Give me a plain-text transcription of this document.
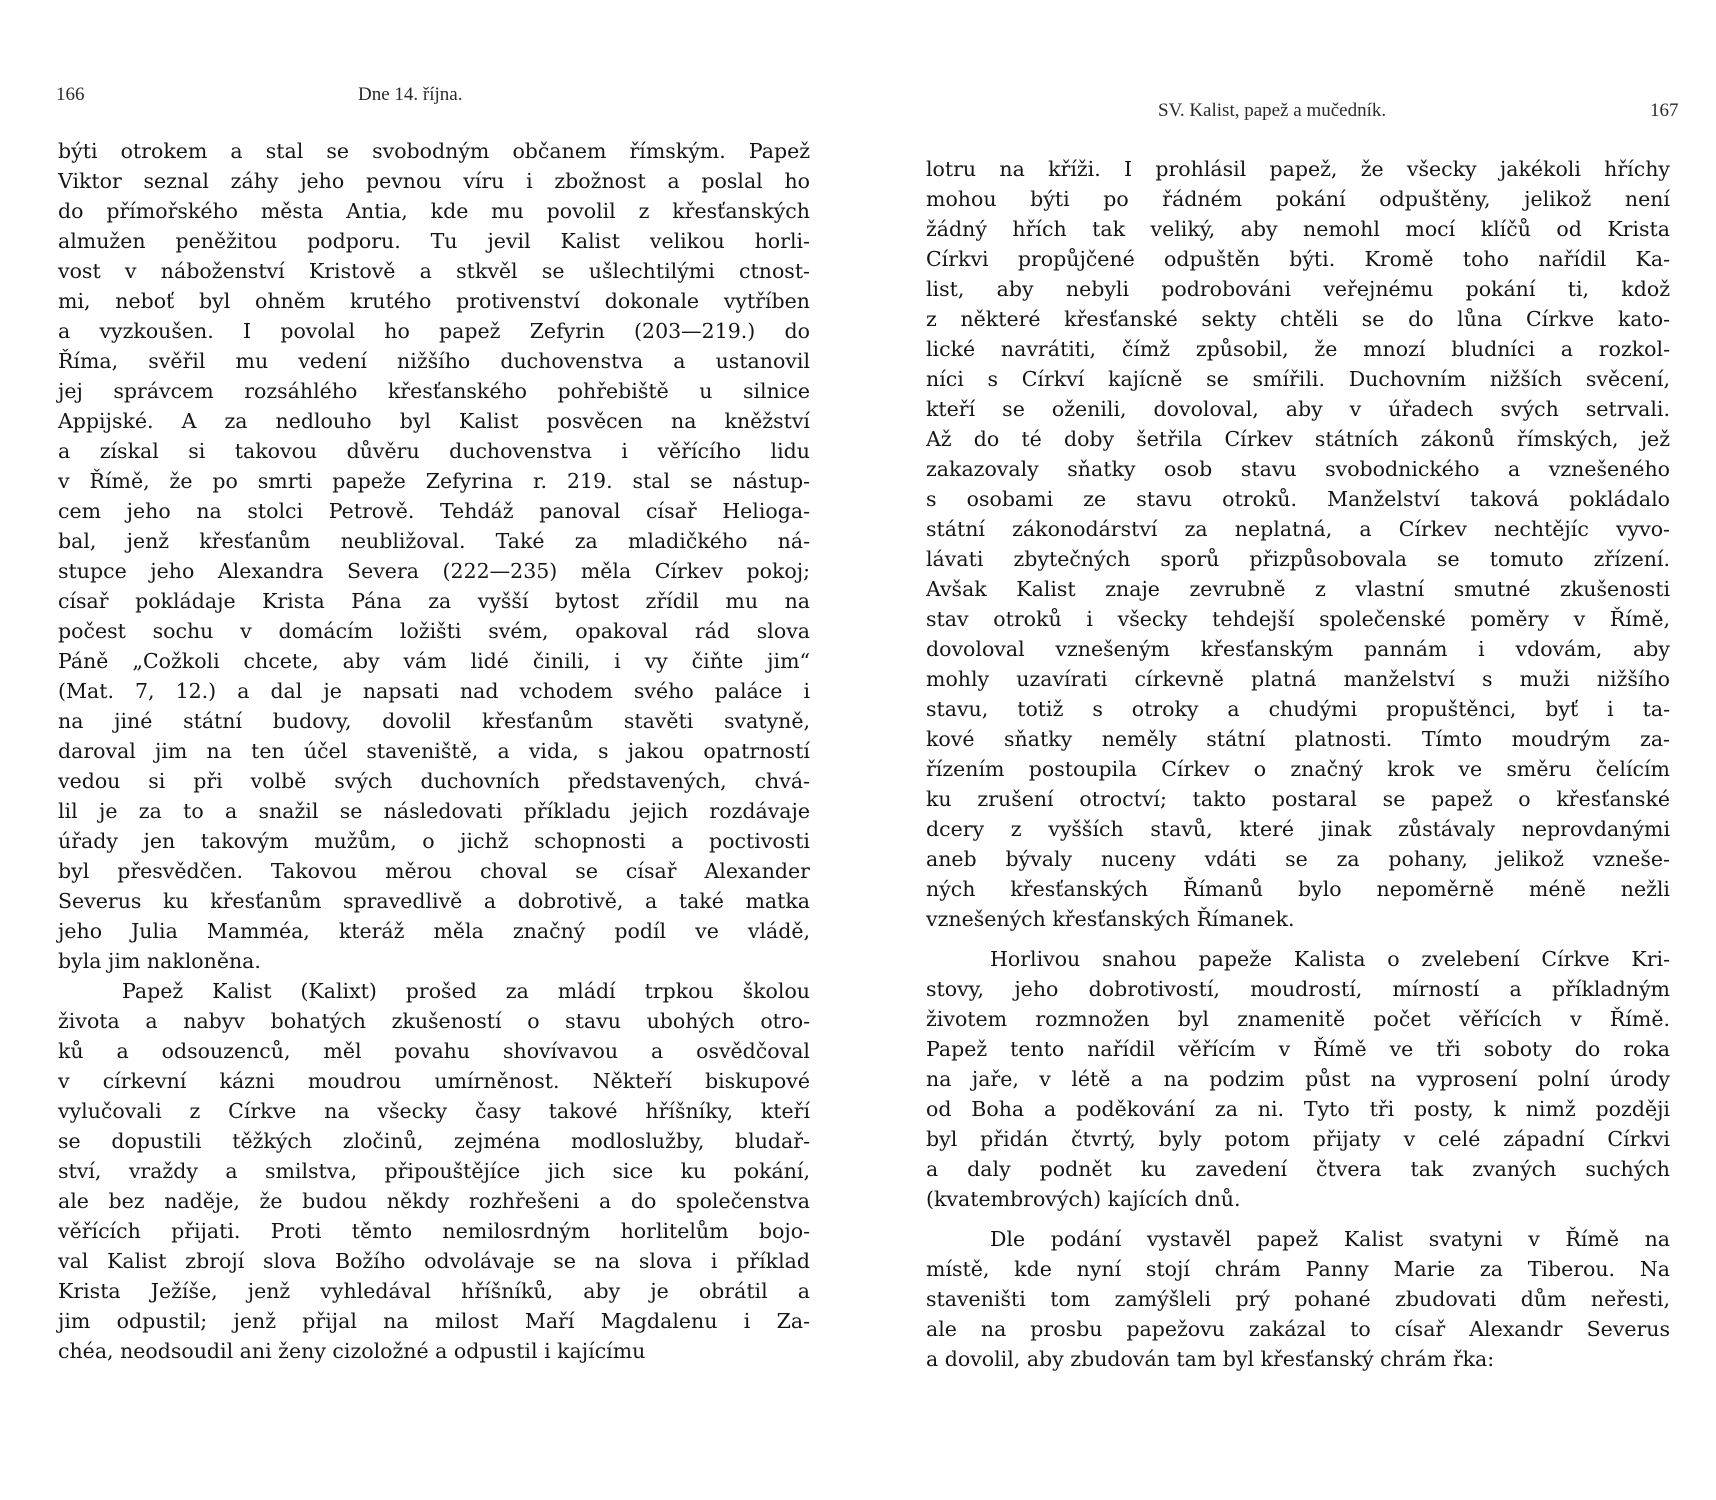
166	Dne 14. října.
býti otrokem a stal se svobodným občanem římským. Papež
Viktor seznal záhy jeho pevnou víru i zbožnost a poslal ho
do přímořského města Antia, kde mu povolil z křesťanských
almužen peněžitou podporu. Tu jevil Kalist velikou horli-
vost v náboženství Kristově a stkvěl se ušlechtilými ctnost-
mi, neboť byl ohněm krutého protivenství dokonale vytříben
a vyzkoušen. I povolal ho papež Zefyrin (203—219.) do
Říma, svěřil mu vedení nižšího duchovenstva a ustanovil
jej správcem rozsáhlého křesťanského pohřebiště u silnice
Appijské. A za nedlouho byl Kalist posvěcen na kněžství
a získal si takovou důvěru duchovenstva i věřícího lidu
v Římě, že po smrti papeže Zefyrina r. 219. stal se nástup-
cem jeho na stolci Petrově. Tehdáž panoval císař Heliogа-
bal, jenž křesťanům neubližoval. Také za mladičkého ná-
stupce jeho Alexandra Severa (222—235) měla Církev pokoj;
císař pokládaje Krista Pána za vyšší bytost zřídil mu na
počest sochu v domácím ložišti svém, opakoval rád slova
Páně „Cožkoli chcete, aby vám lidé činili, i vy čiňte jim“
(Mat. 7, 12.) a dal je napsati nad vchodem svého paláce i
na jiné státní budovy, dovolil křesťanům stavěti svatyně,
daroval jim na ten účel staveniště, a vida, s jakou opatrností
vedou si při volbě svých duchovních představených, chvá-
lil je za to a snažil se následovati příkladu jejich rozdávaje
úřady jen takovým mužům, o jichž schopnosti a poctivosti
byl přesvědčen. Takovou měrou choval se císař Alexander
Severus ku křesťanům spravedlivě a dobrotivě, a také matka
jeho Julia Mamméa, kteráž měla značný podíl ve vládě,
byla jim nakloněna.
Papež Kalist (Kalixt) prošed za mládí trpkou školou
života a nabyv bohatých zkušeností o stavu ubohých otro-
ků a odsouzenců, měl povahu shovívavou a osvědčoval
v církevní kázni moudrou umírněnost. Někteří biskupové
vylučovali z Církve na všecky časy takové hříšníky, kteří
se dopustili těžkých zločinů, zejména modloslužby, bludař-
ství, vraždy a smilstva, připouštějíce jich sice ku pokání,
ale bez naděje, že budou někdy rozhřešeni a do společenstva
věřících přijati. Proti těmto nemilosrdným horlitelům bojo-
val Kalist zbrojí slova Božího odvolávaje se na slova i příklad
Krista Ježíše, jenž vyhledával hříšníků, aby je obrátil a
jim odpustil; jenž přijal na milost Maří Magdalenu i Za-
chéa, neodsoudil ani ženy cizoložné a odpustil i kajícímu
SV. Kalist, papež a mučedník.	167
lotru na kříži. I prohlásil papež, že všecky jakékoli hříchy
mohou býti po řádném pokání odpuštěny, jelikož není
žádný hřích tak veliký, aby nemohl mocí klíčů od Krista
Církvi propůjčené odpuštěn býti. Kromě toho nařídil Ka-
list, aby nebyli podrobováni veřejnému pokání ti, kdož
z některé křesťanské sekty chtěli se do lůna Církve kato-
lické navrátiti, čímž způsobil, že mnozí bludníci a rozkol-
níci s Církví kajícně se smířili. Duchovním nižších svěcení,
kteří se oženili, dovoloval, aby v úřadech svých setrvali.
Až do té doby šetřila Církev státních zákonů římských, jež
zakazovaly sňatky osob stavu svobodnického a vznešeného
s osobami ze stavu otroků. Manželství taková pokládalo
státní zákonodárství za neplatná, a Církev nechtějíc vyvo-
lávati zbytečných sporů přizpůsobovala se tomuto zřízení.
Avšak Kalist znaje zevrubně z vlastní smutné zkušenosti
stav otroků i všecky tehdejší společenské poměry v Římě,
dovoloval vznešeným křesťanským pannám i vdovám, aby
mohly uzavírati církevně platná manželství s muži nižšího
stavu, totiž s otroky a chudými propuštěnci, byť i ta-
kové sňatky neměly státní platnosti. Tímto moudrým za-
řízením postoupila Církev o značný krok ve směru čelícím
ku zrušení otroctví; takto postaral se papež o křesťanské
dcery z vyšších stavů, které jinak zůstávaly neprovdanými
aneb bývaly nuceny vdáti se za pohany, jelikož vzneše-
ných křesťanských Římanů bylo nepoměrně méně nežli
vznešených křesťanských Římanek.
Horlivou snahou papeže Kalista o zvelebení Církve Kri-
stovy, jeho dobrotivostí, moudrostí, mírností a příkladným
životem rozmnožen byl znamenitě počet věřících v Římě.
Papež tento nařídil věřícím v Římě ve tři soboty do roka
na jaře, v létě a na podzim půst na vyprosení polní úrody
od Boha a poděkování za ni. Tyto tři posty, k nimž později
byl přidán čtvrtý, byly potom přijaty v celé západní Církvi
a daly podnět ku zavedení čtvera tak zvaných suchých
(kvatembrových) kajících dnů.
Dle podání vystavěl papež Kalist svatyni v Římě na
místě, kde nyní stojí chrám Panny Marie za Tiberou. Na
staveništi tom zamýšleli prý pohané zbudovati dům neřesti,
ale na prosbu papežovu zakázal to císař Alexandr Severus
a dovolil, aby zbudován tam byl křesťanský chrám řka:
